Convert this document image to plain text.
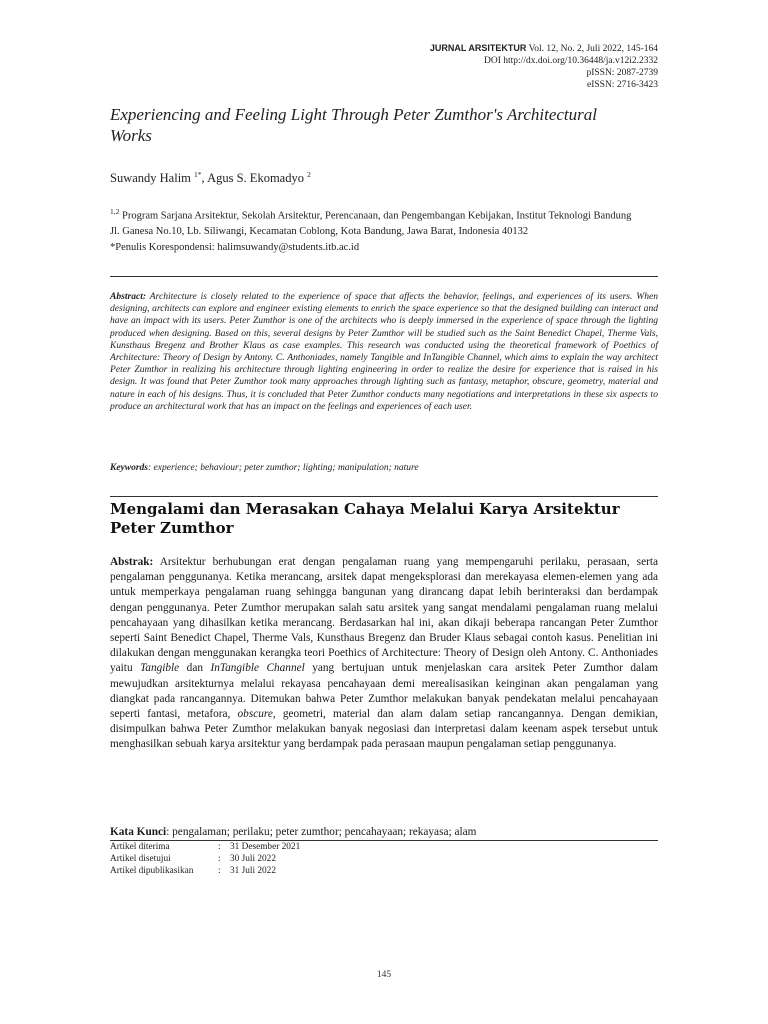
JURNAL ARSITEKTUR Vol. 12, No. 2, Juli 2022, 145-164
DOI http://dx.doi.org/10.36448/ja.v12i2.2332
pISSN: 2087-2739
eISSN: 2716-3423
Experiencing and Feeling Light Through Peter Zumthor's Architectural Works
Suwandy Halim $^{1*}$, Agus S. Ekomadyo $^2$
$^{1,2}$ Program Sarjana Arsitektur, Sekolah Arsitektur, Perencanaan, dan Pengembangan Kebijakan, Institut Teknologi Bandung
Jl. Ganesa No.10, Lb. Siliwangi, Kecamatan Coblong, Kota Bandung, Jawa Barat, Indonesia 40132
*Penulis Korespondensi: halimsuwandy@students.itb.ac.id
Abstract: Architecture is closely related to the experience of space that affects the behavior, feelings, and experiences of its users. When designing, architects can explore and engineer existing elements to enrich the space experience so that the designed building can interact and have an impact with its users. Peter Zumthor is one of the architects who is deeply immersed in the experience of space through the lighting produced when designing. Based on this, several designs by Peter Zumthor will be studied such as the Saint Benedict Chapel, Therme Vals, Kunsthaus Bregenz and Brother Klaus as case examples. This research was conducted using the theoretical framework of Poethics of Architecture: Theory of Design by Antony. C. Anthoniades, namely Tangible and InTangible Channel, which aims to explain the way architect Peter Zumthor in realizing his architecture through lighting engineering in order to realize the desire for experience that is raised in his design. It was found that Peter Zumthor took many approaches through lighting such as fantasy, metaphor, obscure, geometry, material and nature in each of his designs. Thus, it is concluded that Peter Zumthor conducts many negotiations and interpretations in these six aspects to produce an architectural work that has an impact on the feelings and experiences of each user.
Keywords: experience; behaviour; peter zumthor; lighting; manipulation; nature
Mengalami dan Merasakan Cahaya Melalui Karya Arsitektur Peter Zumthor
Abstrak: Arsitektur berhubungan erat dengan pengalaman ruang yang mempengaruhi perilaku, perasaan, serta pengalaman penggunanya. Ketika merancang, arsitek dapat mengeksplorasi dan merekayasa elemen-elemen yang ada untuk memperkaya pengalaman ruang sehingga bangunan yang dirancang dapat lebih berinteraksi dan berdampak dengan penggunanya. Peter Zumthor merupakan salah satu arsitek yang sangat mendalami pengalaman ruang melalui pencahayaan yang dihasilkan ketika merancang. Berdasarkan hal ini, akan dikaji beberapa rancangan Peter Zumthor seperti Saint Benedict Chapel, Therme Vals, Kunsthaus Bregenz dan Bruder Klaus sebagai contoh kasus. Penelitian ini dilakukan dengan menggunakan kerangka teori Poethics of Architecture: Theory of Design oleh Antony. C. Anthoniades yaitu Tangible dan InTangible Channel yang bertujuan untuk menjelaskan cara arsitek Peter Zumthor dalam mewujudkan arsitekturnya melalui rekayasa pencahayaan demi merealisasikan keinginan akan pengalaman yang diangkat pada rancangannya. Ditemukan bahwa Peter Zumthor melakukan banyak pendekatan melalui pencahayaan seperti fantasi, metafora, obscure, geometri, material dan alam dalam setiap rancangannya. Dengan demikian, disimpulkan bahwa Peter Zumthor melakukan banyak negosiasi dan interpretasi dalam keenam aspek tersebut untuk menghasilkan sebuah karya arsitektur yang berdampak pada perasaan maupun pengalaman setiap penggunanya.
Kata Kunci: pengalaman; perilaku; peter zumthor; pencahayaan; rekayasa; alam
Artikel diterima	:	31 Desember 2021
Artikel disetujui	:	30 Juli 2022
Artikel dipublikasikan	:	31 Juli 2022
145
